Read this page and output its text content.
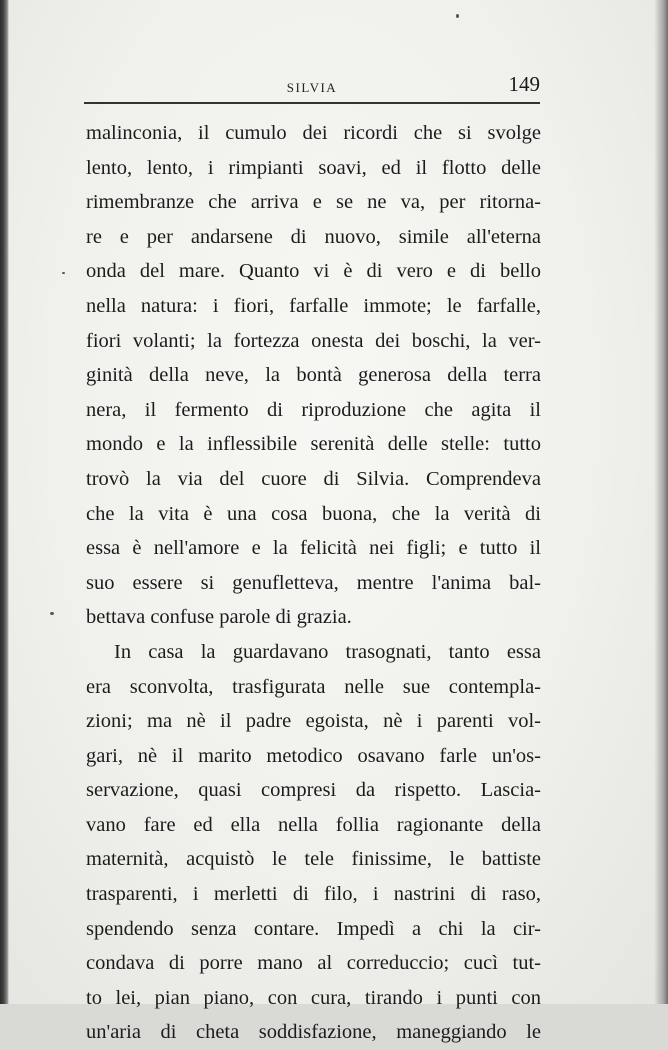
SILVIA	149
malinconia, il cumulo dei ricordi che si svolge
lento, lento, i rimpianti soavi, ed il flotto delle
rimembranze che arriva e se ne va, per ritorna-
re e per andarsene di nuovo, simile all'eterna
onda del mare. Quanto vi è di vero e di bello
nella natura: i fiori, farfalle immote; le farfalle,
fiori volanti; la fortezza onesta dei boschi, la ver-
ginità della neve, la bontà generosa della terra
nera, il fermento di riproduzione che agita il
mondo e la inflessibile serenità delle stelle: tutto
trovò la via del cuore di Silvia. Comprendeva
che la vita è una cosa buona, che la verità di
essa è nell'amore e la felicità nei figli; e tutto il
suo essere si genufletteva, mentre l'anima bal-
bettava confuse parole di grazia.
In casa la guardavano trasognati, tanto essa
era sconvolta, trasfigurata nelle sue contempla-
zioni; ma nè il padre egoista, nè i parenti vol-
gari, nè il marito metodico osavano farle un'os-
servazione, quasi compresi da rispetto. Lascia-
vano fare ed ella nella follia ragionante della
maternità, acquistò le tele finissime, le battiste
trasparenti, i merletti di filo, i nastrini di raso,
spendendo senza contare. Impedì a chi la cir-
condava di porre mano al correduccio; cucì tut-
to lei, pian piano, con cura, tirando i punti con
un'aria di cheta soddisfazione, maneggiando le
